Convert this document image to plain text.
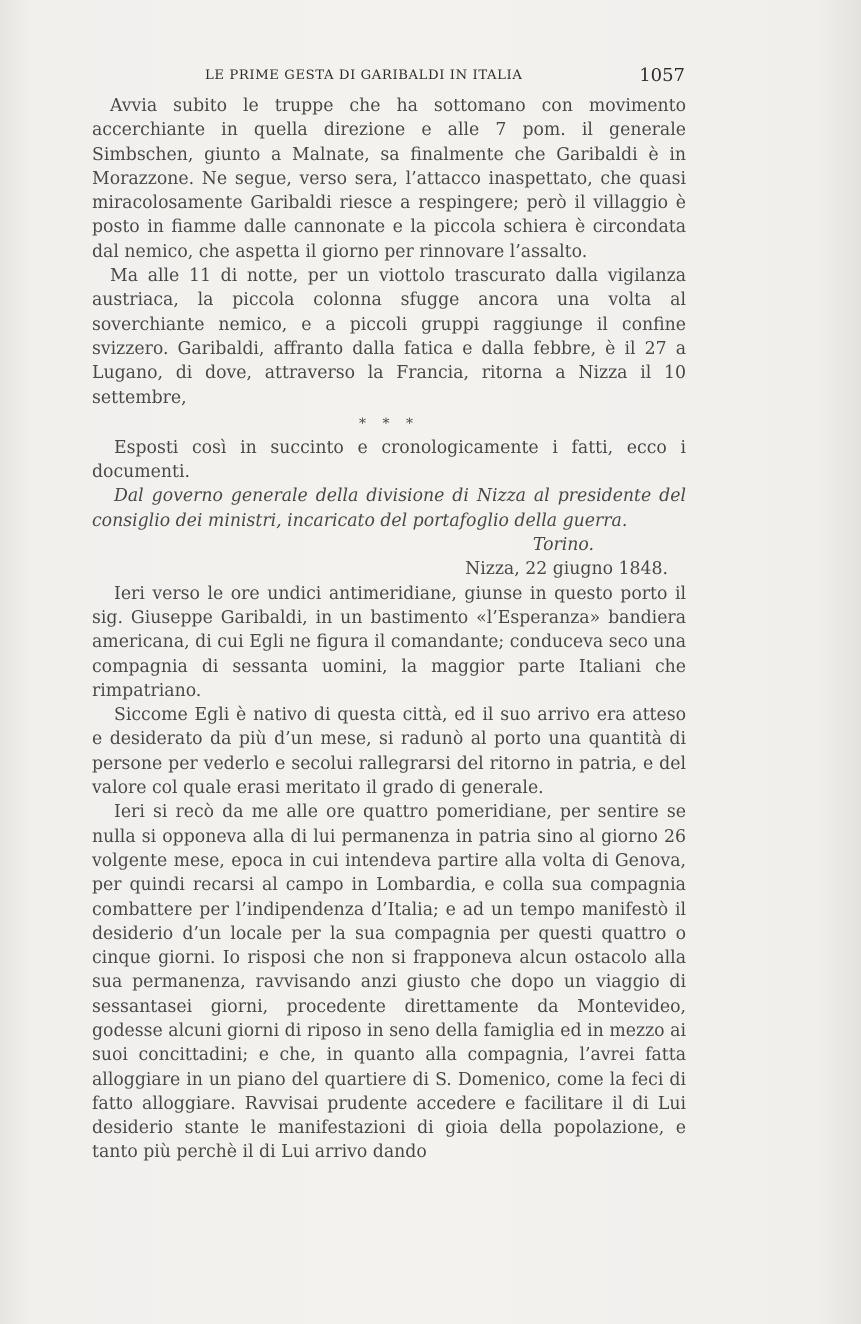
LE PRIME GESTA DI GARIBALDI IN ITALIA	1057

Avvia subito le truppe che ha sottomano con movimento accerchiante in quella direzione e alle 7 pom. il generale Simbschen, giunto a Malnate, sa finalmente che Garibaldi è in Morazzone. Ne segue, verso sera, l’attacco inaspettato, che quasi miracolosamente Garibaldi riesce a respingere; però il villaggio è posto in fiamme dalle cannonate e la piccola schiera è circondata dal nemico, che aspetta il giorno per rinnovare l’assalto.

Ma alle 11 di notte, per un viottolo trascurato dalla vigilanza austriaca, la piccola colonna sfugge ancora una volta al soverchiante nemico, e a piccoli gruppi raggiunge il confine svizzero. Garibaldi, affranto dalla fatica e dalla febbre, è il 27 a Lugano, di dove, attraverso la Francia, ritorna a Nizza il 10 settembre,

* * *

Esposti così in succinto e cronologicamente i fatti, ecco i documenti.

Dal governo generale della divisione di Nizza al presidente del consiglio dei ministri, incaricato del portafoglio della guerra.

Torino.

Nizza, 22 giugno 1848.

Ieri verso le ore undici antimeridiane, giunse in questo porto il sig. Giuseppe Garibaldi, in un bastimento «l’Esperanza» bandiera americana, di cui Egli ne figura il comandante; conduceva seco una compagnia di sessanta uomini, la maggior parte Italiani che rimpatriano.

Siccome Egli è nativo di questa città, ed il suo arrivo era atteso e desiderato da più d’un mese, si radunò al porto una quantità di persone per vederlo e secolui rallegrarsi del ritorno in patria, e del valore col quale erasi meritato il grado di generale.

Ieri si recò da me alle ore quattro pomeridiane, per sentire se nulla si opponeva alla di lui permanenza in patria sino al giorno 26 volgente mese, epoca in cui intendeva partire alla volta di Genova, per quindi recarsi al campo in Lombardia, e colla sua compagnia combattere per l’indipendenza d’Italia; e ad un tempo manifestò il desiderio d’un locale per la sua compagnia per questi quattro o cinque giorni. Io risposi che non si frapponeva alcun ostacolo alla sua permanenza, ravvisando anzi giusto che dopo un viaggio di sessantasei giorni, procedente direttamente da Montevideo, godesse alcuni giorni di riposo in seno della famiglia ed in mezzo ai suoi concittadini; e che, in quanto alla compagnia, l’avrei fatta alloggiare in un piano del quartiere di S. Domenico, come la feci di fatto alloggiare. Ravvisai prudente accedere e facilitare il di Lui desiderio stante le manifestazioni di gioia della popolazione, e tanto più perchè il di Lui arrivo dando
